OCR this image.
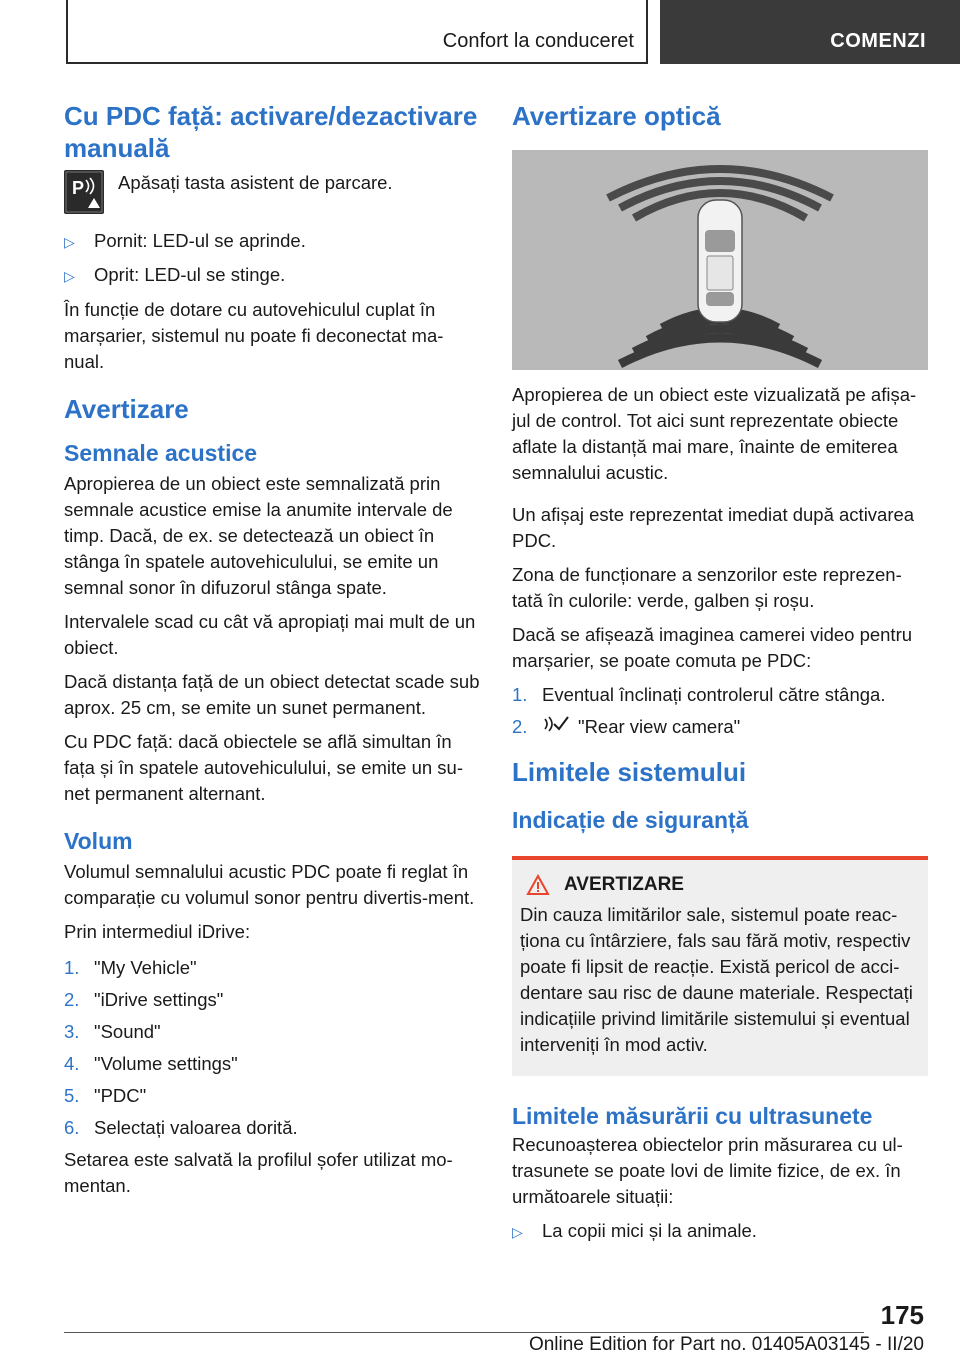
Confort la conduceret	COMENZI
Cu PDC față: activare/dezactivare manuală
P Apăsați tasta asistent de parcare.
▷	Pornit: LED-ul se aprinde.
▷	Oprit: LED-ul se stinge.

În funcție de dotare cu autovehiculul cuplat în marșarier, sistemul nu poate fi deconectat ma-nual.

Avertizare
Semnale acustice

Apropierea de un obiect este semnalizată prin semnale acustice emise la anumite intervale de timp. Dacă, de ex. se detectează un obiect în stânga în spatele autovehiculului, se emite un semnal sonor în difuzorul stânga spate.

Intervalele scad cu cât vă apropiați mai mult de un obiect.

Dacă distanța față de un obiect detectat scade sub aprox. 25 cm, se emite un sunet permanent.

Cu PDC față: dacă obiectele se află simultan în fața și în spatele autovehiculului, se emite un su-net permanent alternant.

Volum

Volumul semnalului acustic PDC poate fi reglat în comparație cu volumul sonor pentru divertis-ment.

Prin intermediul iDrive:

1. "My Vehicle"
2. "iDrive settings"
3. "Sound"
4. "Volume settings"
5. "PDC"
6. Selectați valoarea dorită.

Setarea este salvată la profilul șofer utilizat mo-mentan.

Avertizare optică

Apropierea de un obiect este vizualizată pe afișa-jul de control. Tot aici sunt reprezentate obiecte aflate la distanță mai mare, înainte de emiterea semnalului acustic.

Un afișaj este reprezentat imediat după activarea PDC.

Zona de funcționare a senzorilor este reprezen-tată în culorile: verde, galben și roșu.

Dacă se afișează imaginea camerei video pentru marșarier, se poate comuta pe PDC:

1. Eventual înclinați controlerul către stânga.
2.	"Rear view camera"
Limitele sistemului
Indicație de siguranță
AVERTIZARE

Din cauza limitărilor sale, sistemul poate reac-ționa cu întârziere, fals sau fără motiv, respectiv poate fi lipsit de reacție. Există pericol de acci-dentare sau risc de daune materiale. Respectați indicațiile privind limitările sistemului și eventual interveniți în mod activ.

Limitele măsurării cu ultrasunete

Recunoașterea obiectelor prin măsurarea cu ul-trasunete se poate lovi de limite fizice, de ex. în următoarele situații:

▷	La copii mici și la animale.
175
Online Edition for Part no. 01405A03145 - II/20
